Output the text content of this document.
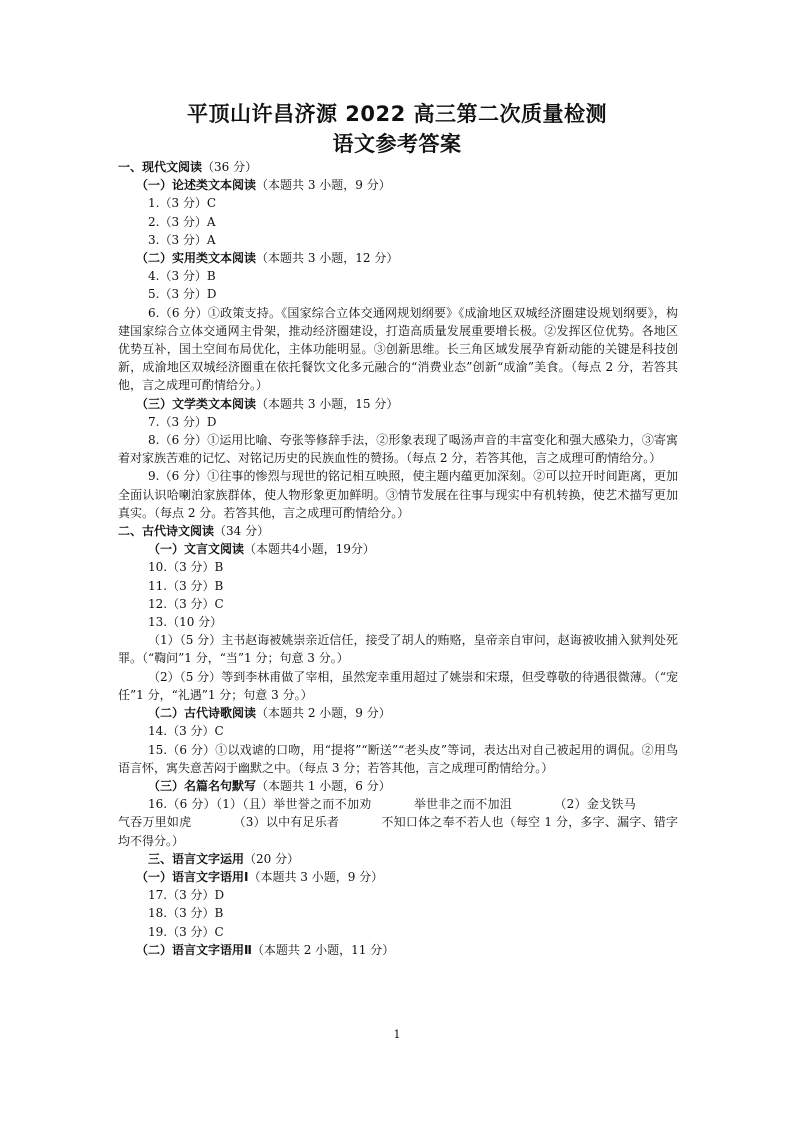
平顶山许昌济源 2022 高三第二次质量检测
语文参考答案
一、现代文阅读（36 分）
（一）论述类文本阅读（本题共 3 小题，9 分）
1.（3 分）C
2.（3 分）A
3.（3 分）A
（二）实用类文本阅读（本题共 3 小题，12 分）
4.（3 分）B
5.（3 分）D
6.（6 分）①政策支持。《国家综合立体交通网规划纲要》《成渝地区双城经济圈建设规划纲要》，构建国家综合立体交通网主骨架，推动经济圈建设，打造高质量发展重要增长极。②发挥区位优势。各地区优势互补，国土空间布局优化，主体功能明显。③创新思维。长三角区域发展孕育新动能的关键是科技创新，成渝地区双城经济圈重在依托餐饮文化多元融合的“消费业态”创新“成渝”美食。（每点 2 分，若答其他，言之成理可酌情给分。）
（三）文学类文本阅读（本题共 3 小题，15 分）
7.（3 分）D
8.（6 分）①运用比喻、夸张等修辞手法，②形象表现了喝汤声音的丰富变化和强大感染力，③寄寓着对家族苦难的记忆、对铭记历史的民族血性的赞扬。（每点 2 分，若答其他，言之成理可酌情给分。）
9.（6 分）①往事的惨烈与现世的铭记相互映照，使主题内蕴更加深刻。②可以拉开时间距离，更加全面认识哈喇泊家族群体，使人物形象更加鲜明。③情节发展在往事与现实中有机转换，使艺术描写更加真实。（每点 2 分。若答其他，言之成理可酌情给分。）
二、古代诗文阅读（34 分）
（一）文言文阅读（本题共4小题，19分）
10.（3 分）B
11.（3 分）B
12.（3 分）C
13.（10 分）
（1）（5 分）主书赵诲被姚崇亲近信任，接受了胡人的贿赂，皇帝亲自审问，赵诲被收捕入狱判处死罪。（“鞫问”1 分，“当”1 分；句意 3 分。）
（2）（5 分）等到李林甫做了宰相，虽然宠幸重用超过了姚崇和宋璟，但受尊敬的待遇很微薄。（“宠任”1 分，“礼遇”1 分；句意 3 分。）
（二）古代诗歌阅读（本题共 2 小题，9 分）
14.（3 分）C
15.（6 分）①以戏谑的口吻，用“提将”“断送”“老头皮”等词，表达出对自己被起用的调侃。②用鸟语言怀，寓失意苦闷于幽默之中。（每点 3 分；若答其他，言之成理可酌情给分。）
（三）名篇名句默写（本题共 1 小题，6 分）
16.（6 分）（1）（且）举世誉之而不加劝	举世非之而不加沮	（2）金戈铁马气吞万里如虎	（3）以中有足乐者	不知口体之奉不若人也（每空 1 分，多字、漏字、错字均不得分。）
三、语言文字运用（20 分）
（一）语言文字语用Ⅰ（本题共 3 小题，9 分）
17.（3 分）D
18.（3 分）B
19.（3 分）C
（二）语言文字语用Ⅱ（本题共 2 小题，11 分）
1
